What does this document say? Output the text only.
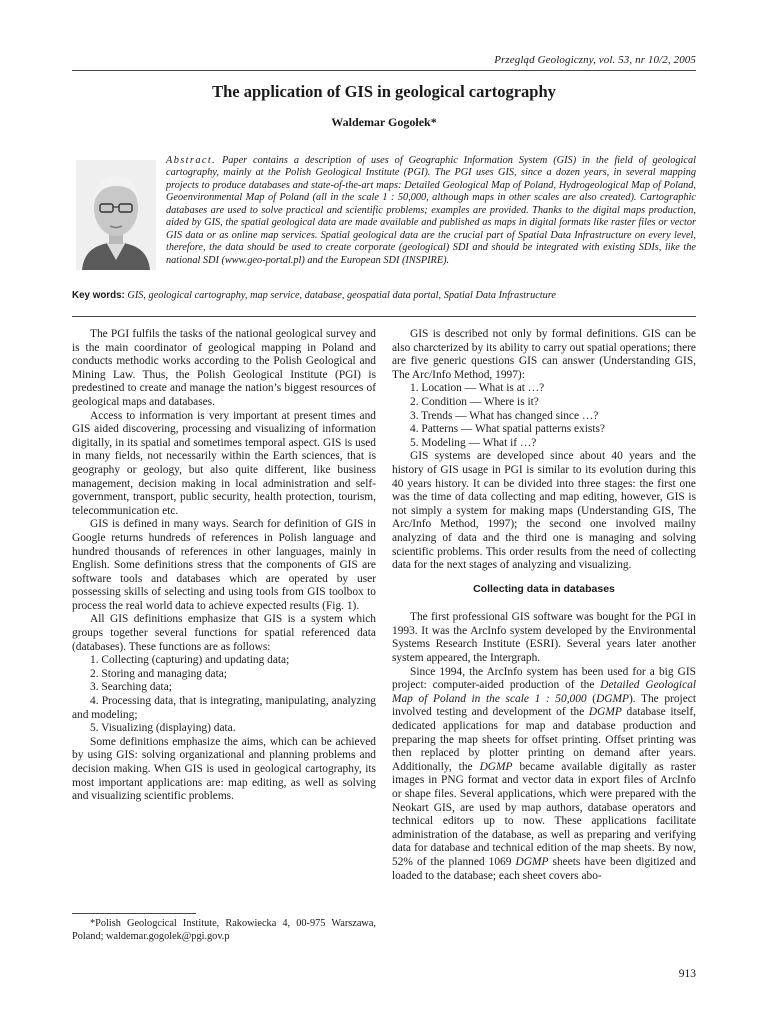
Przegląd Geologiczny, vol. 53, nr 10/2, 2005
The application of GIS in geological cartography
Waldemar Gogołek*
Abstract. Paper contains a description of uses of Geographic Information System (GIS) in the field of geological cartography, mainly at the Polish Geological Institute (PGI). The PGI uses GIS, since a dozen years, in several mapping projects to produce databases and state-of-the-art maps: Detailed Geological Map of Poland, Hydrogeological Map of Poland, Geoenvironmental Map of Poland (all in the scale 1 : 50,000, although maps in other scales are also created). Cartographic databases are used to solve practical and scientific problems; examples are provided. Thanks to the digital maps production, aided by GIS, the spatial geological data are made available and published as maps in digital formats like raster files or vector GIS data or as online map services. Spatial geological data are the crucial part of Spatial Data Infrastructure on every level, therefore, the data should be used to create corporate (geological) SDI and should be integrated with existing SDIs, like the national SDI (www.geo-portal.pl) and the European SDI (INSPIRE).
Key words: GIS, geological cartography, map service, database, geospatial data portal, Spatial Data Infrastructure

The PGI fulfils the tasks of the national geological survey and is the main coordinator of geological mapping in Poland and conducts methodic works according to the Polish Geological and Mining Law. Thus, the Polish Geological Institute (PGI) is predestined to create and manage the nation’s biggest resources of geological maps and databases.

Access to information is very important at present times and GIS aided discovering, processing and visualizing of information digitally, in its spatial and sometimes temporal aspect. GIS is used in many fields, not necessarily within the Earth sciences, that is geography or geology, but also quite different, like business management, decision making in local administration and self-government, transport, public security, health protection, tourism, telecommunication etc.

GIS is defined in many ways. Search for definition of GIS in Google returns hundreds of references in Polish language and hundred thousands of references in other languages, mainly in English. Some definitions stress that the components of GIS are software tools and databases which are operated by user possessing skills of selecting and using tools from GIS toolbox to process the real world data to achieve expected results (Fig. 1).

All GIS definitions emphasize that GIS is a system which groups together several functions for spatial referenced data (databases). These functions are as follows:

1. Collecting (capturing) and updating data;
2. Storing and managing data;
3. Searching data;
4. Processing data, that is integrating, manipulating, analyzing and modeling;
5. Visualizing (displaying) data.

Some definitions emphasize the aims, which can be achieved by using GIS: solving organizational and planning problems and decision making. When GIS is used in geological cartography, its most important applications are: map editing, as well as solving and visualizing scientific problems.

GIS is described not only by formal definitions. GIS can be also charcterized by its ability to carry out spatial operations; there are five generic questions GIS can answer (Understanding GIS, The Arc/Info Method, 1997):

1. Location — What is at …?
2. Condition — Where is it?
3. Trends — What has changed since …?
4. Patterns — What spatial patterns exists?
5. Modeling — What if …?

GIS systems are developed since about 40 years and the history of GIS usage in PGI is similar to its evolution during this 40 years history. It can be divided into three stages: the first one was the time of data collecting and map editing, however, GIS is not simply a system for making maps (Understanding GIS, The Arc/Info Method, 1997); the second one involved mailny analyzing of data and the third one is managing and solving scientific problems. This order results from the need of collecting data for the next stages of analyzing and visualizing.

Collecting data in databases

The first professional GIS software was bought for the PGI in 1993. It was the ArcInfo system developed by the Environmental Systems Research Institute (ESRI). Several years later another system appeared, the Intergraph.

Since 1994, the ArcInfo system has been used for a big GIS project: computer-aided production of the Detailed Geological Map of Poland in the scale 1 : 50,000 (DGMP). The project involved testing and development of the DGMP database itself, dedicated applications for map and database production and preparing the map sheets for offset printing. Offset printing was then replaced by plotter printing on demand after years. Additionally, the DGMP became available digitally as raster images in PNG format and vector data in export files of ArcInfo or shape files. Several applications, which were prepared with the Neokart GIS, are used by map authors, database operators and technical editors up to now. These applications facilitate administration of the database, as well as preparing and verifying data for database and technical edition of the map sheets. By now, 52% of the planned 1069 DGMP sheets have been digitized and loaded to the database; each sheet covers abo-

*Polish Geologcical Institute, Rakowiecka 4, 00-975 Warszawa, Poland; waldemar.gogolek@pgi.gov.p
913
